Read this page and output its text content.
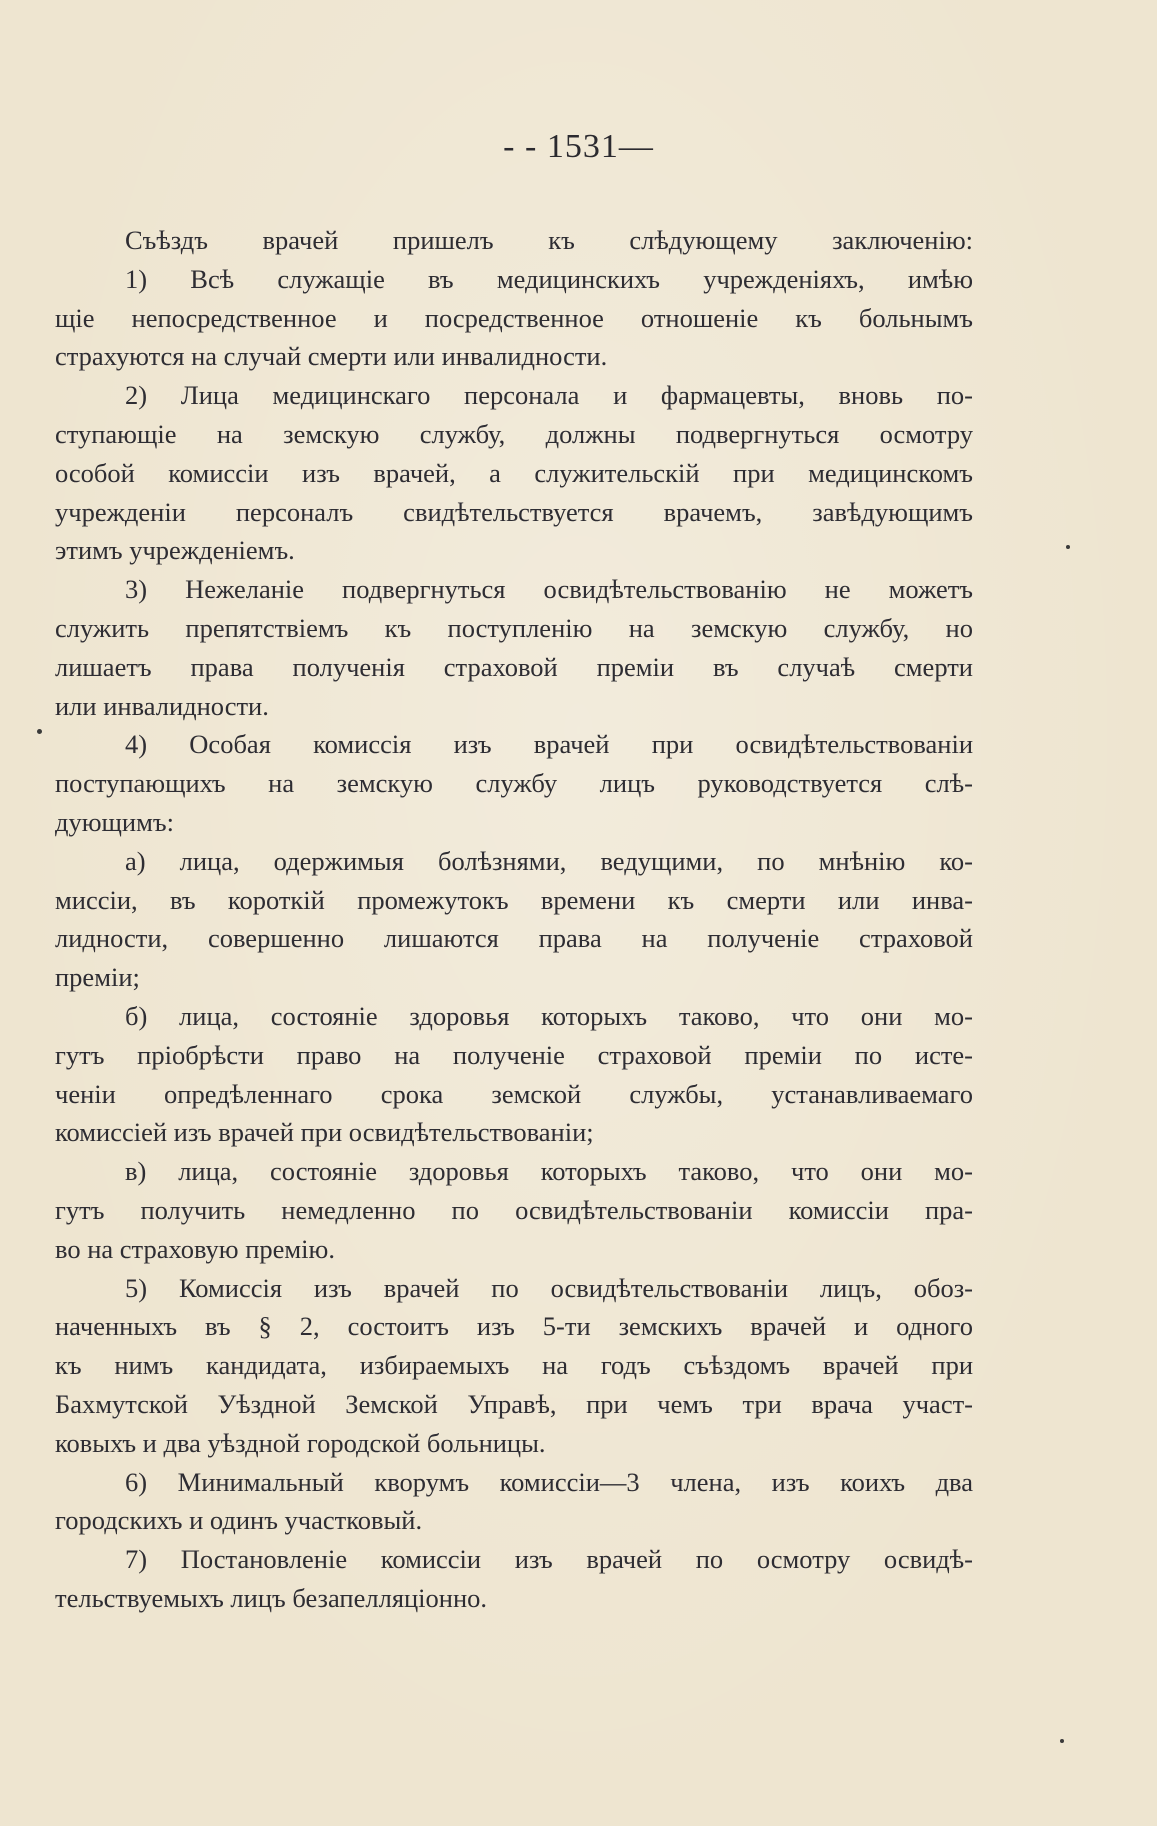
- - 1531—
Съѣздъ врачей пришелъ къ слѣдующему заключенію:
1) Всѣ служащіе въ медицинскихъ учрежденіяхъ, имѣю
щіе непосредственное и посредственное отношеніе къ больнымъ
страхуются на случай смерти или инвалидности.
2) Лица медицинскаго персонала и фармацевты, вновь по-
ступающіе на земскую службу, должны подвергнуться осмотру
особой комиссіи изъ врачей, а служительскій при медицинскомъ
учрежденіи персоналъ свидѣтельствуется врачемъ, завѣдующимъ
этимъ учрежденіемъ.
3) Нежеланіе подвергнуться освидѣтельствованію не можетъ
служить препятствіемъ къ поступленію на земскую службу, но
лишаетъ права полученія страховой преміи въ случаѣ смерти
или инвалидности.
4) Особая комиссія изъ врачей при освидѣтельствованіи
поступающихъ на земскую службу лицъ руководствуется слѣ-
дующимъ:
а) лица, одержимыя болѣзнями, ведущими, по мнѣнію ко-
миссіи, въ короткій промежутокъ времени къ смерти или инва-
лидности, совершенно лишаются права на полученіе страховой
преміи;
б) лица, состояніе здоровья которыхъ таково, что они мо-
гутъ пріобрѣсти право на полученіе страховой преміи по исте-
ченіи опредѣленнаго срока земской службы, устанавливаемаго
комиссіей изъ врачей при освидѣтельствованіи;
в) лица, состояніе здоровья которыхъ таково, что они мо-
гутъ получить немедленно по освидѣтельствованіи комиссіи пра-
во на страховую премію.
5) Комиссія изъ врачей по освидѣтельствованіи лицъ, обоз-
наченныхъ въ § 2, состоитъ изъ 5-ти земскихъ врачей и одного
къ нимъ кандидата, избираемыхъ на годъ съѣздомъ врачей при
Бахмутской Уѣздной Земской Управѣ, при чемъ три врача участ-
ковыхъ и два уѣздной городской больницы.
6) Минимальный кворумъ комиссіи—3 члена, изъ коихъ два
городскихъ и одинъ участковый.
7) Постановленіе комиссіи изъ врачей по осмотру освидѣ-
тельствуемыхъ лицъ безапелляціонно.
